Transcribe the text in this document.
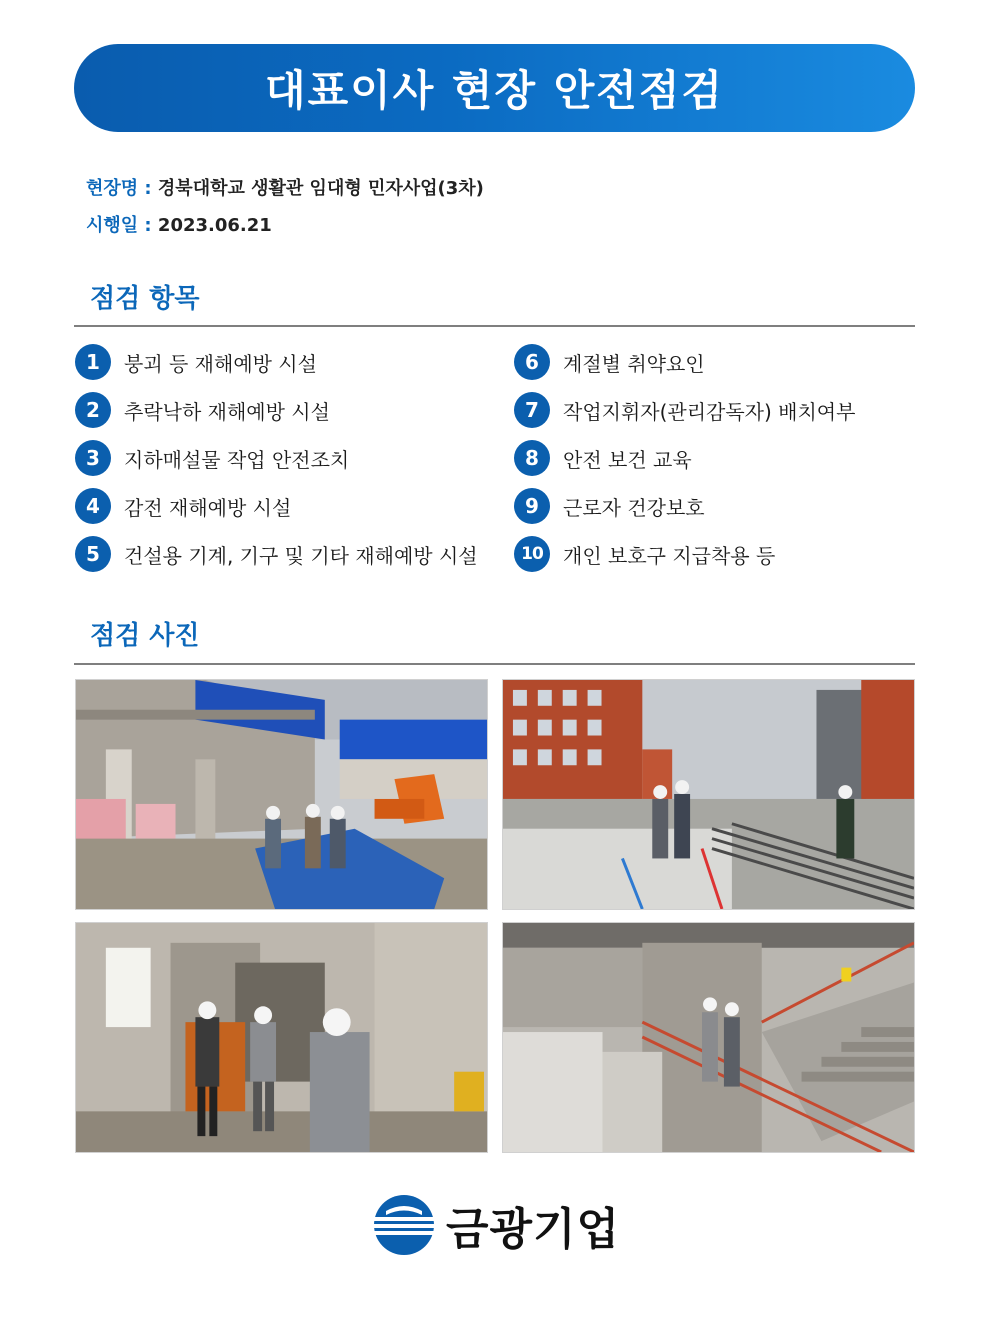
대표이사 현장 안전점검
현장명 : 경북대학교 생활관 임대형 민자사업(3차)
시행일 : 2023.06.21
점검 항목
1	붕괴 등 재해예방 시설
2	추락낙하 재해예방 시설
3	지하매설물 작업 안전조치
4	감전 재해예방 시설
5	건설용 기계, 기구 및 기타 재해예방 시설
6	계절별 취약요인
7	작업지휘자(관리감독자) 배치여부
8	안전 보건 교육
9	근로자 건강보호
10	개인 보호구 지급착용 등
점검 사진
금광기업
